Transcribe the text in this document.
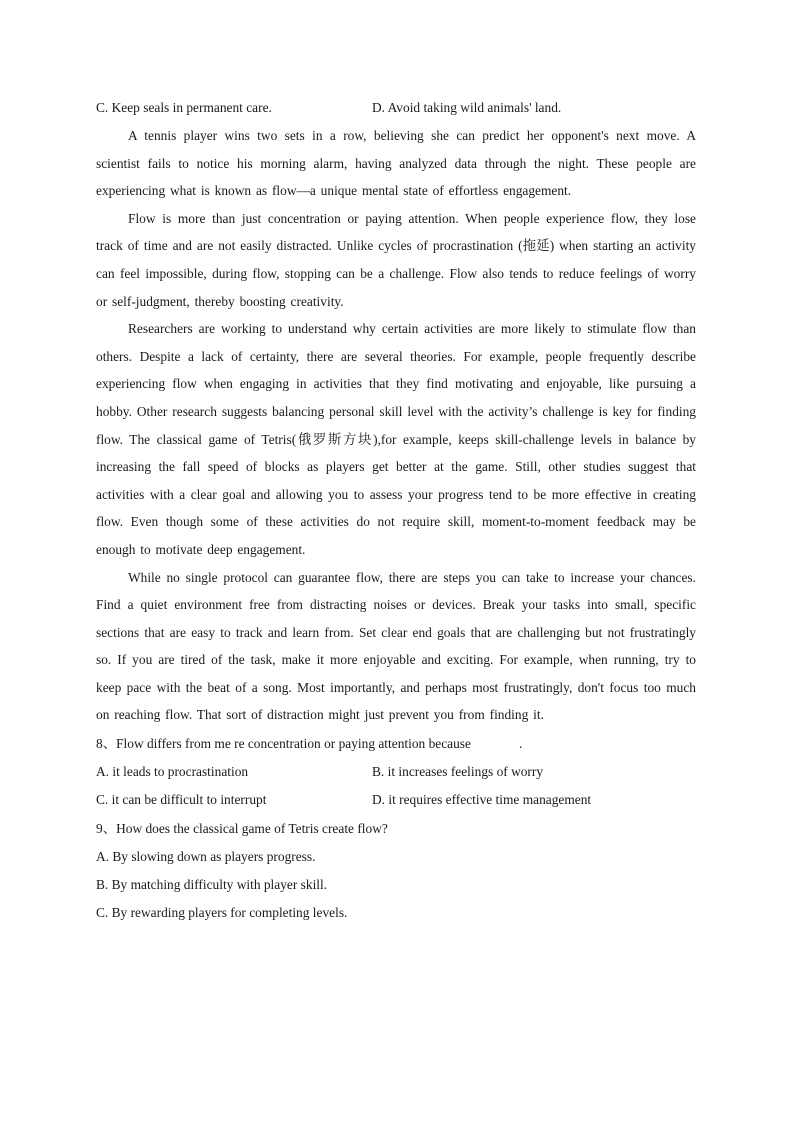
C. Keep seals in permanent care.	D. Avoid taking wild animals' land.

A tennis player wins two sets in a row, believing she can predict her opponent's next move. A scientist fails to notice his morning alarm, having analyzed data through the night. These people are experiencing what is known as flow—a unique mental state of effortless engagement.

Flow is more than just concentration or paying attention. When people experience flow, they lose track of time and are not easily distracted. Unlike cycles of procrastination (拖延) when starting an activity can feel impossible, during flow, stopping can be a challenge. Flow also tends to reduce feelings of worry or self-judgment, thereby boosting creativity.

Researchers are working to understand why certain activities are more likely to stimulate flow than others. Despite a lack of certainty, there are several theories. For example, people frequently describe experiencing flow when engaging in activities that they find motivating and enjoyable, like pursuing a hobby. Other research suggests balancing personal skill level with the activity’s challenge is key for finding flow. The classical game of Tetris(俄罗斯方块),for example, keeps skill-challenge levels in balance by increasing the fall speed of blocks as players get better at the game. Still, other studies suggest that activities with a clear goal and allowing you to assess your progress tend to be more effective in creating flow. Even though some of these activities do not require skill, moment-to-moment feedback may be enough to motivate deep engagement.

While no single protocol can guarantee flow, there are steps you can take to increase your chances. Find a quiet environment free from distracting noises or devices. Break your tasks into small, specific sections that are easy to track and learn from. Set clear end goals that are challenging but not frustratingly so. If you are tired of the task, make it more enjoyable and exciting. For example, when running, try to keep pace with the beat of a song. Most importantly, and perhaps most frustratingly, don't focus too much on reaching flow. That sort of distraction might just prevent you from finding it.

8、Flow differs from me re concentration or paying attention because	.

A. it leads to procrastination	B. it increases feelings of worry
C. it can be difficult to interrupt	D. it requires effective time management

9、How does the classical game of Tetris create flow?

A. By slowing down as players progress.

B. By matching difficulty with player skill.

C. By rewarding players for completing levels.
